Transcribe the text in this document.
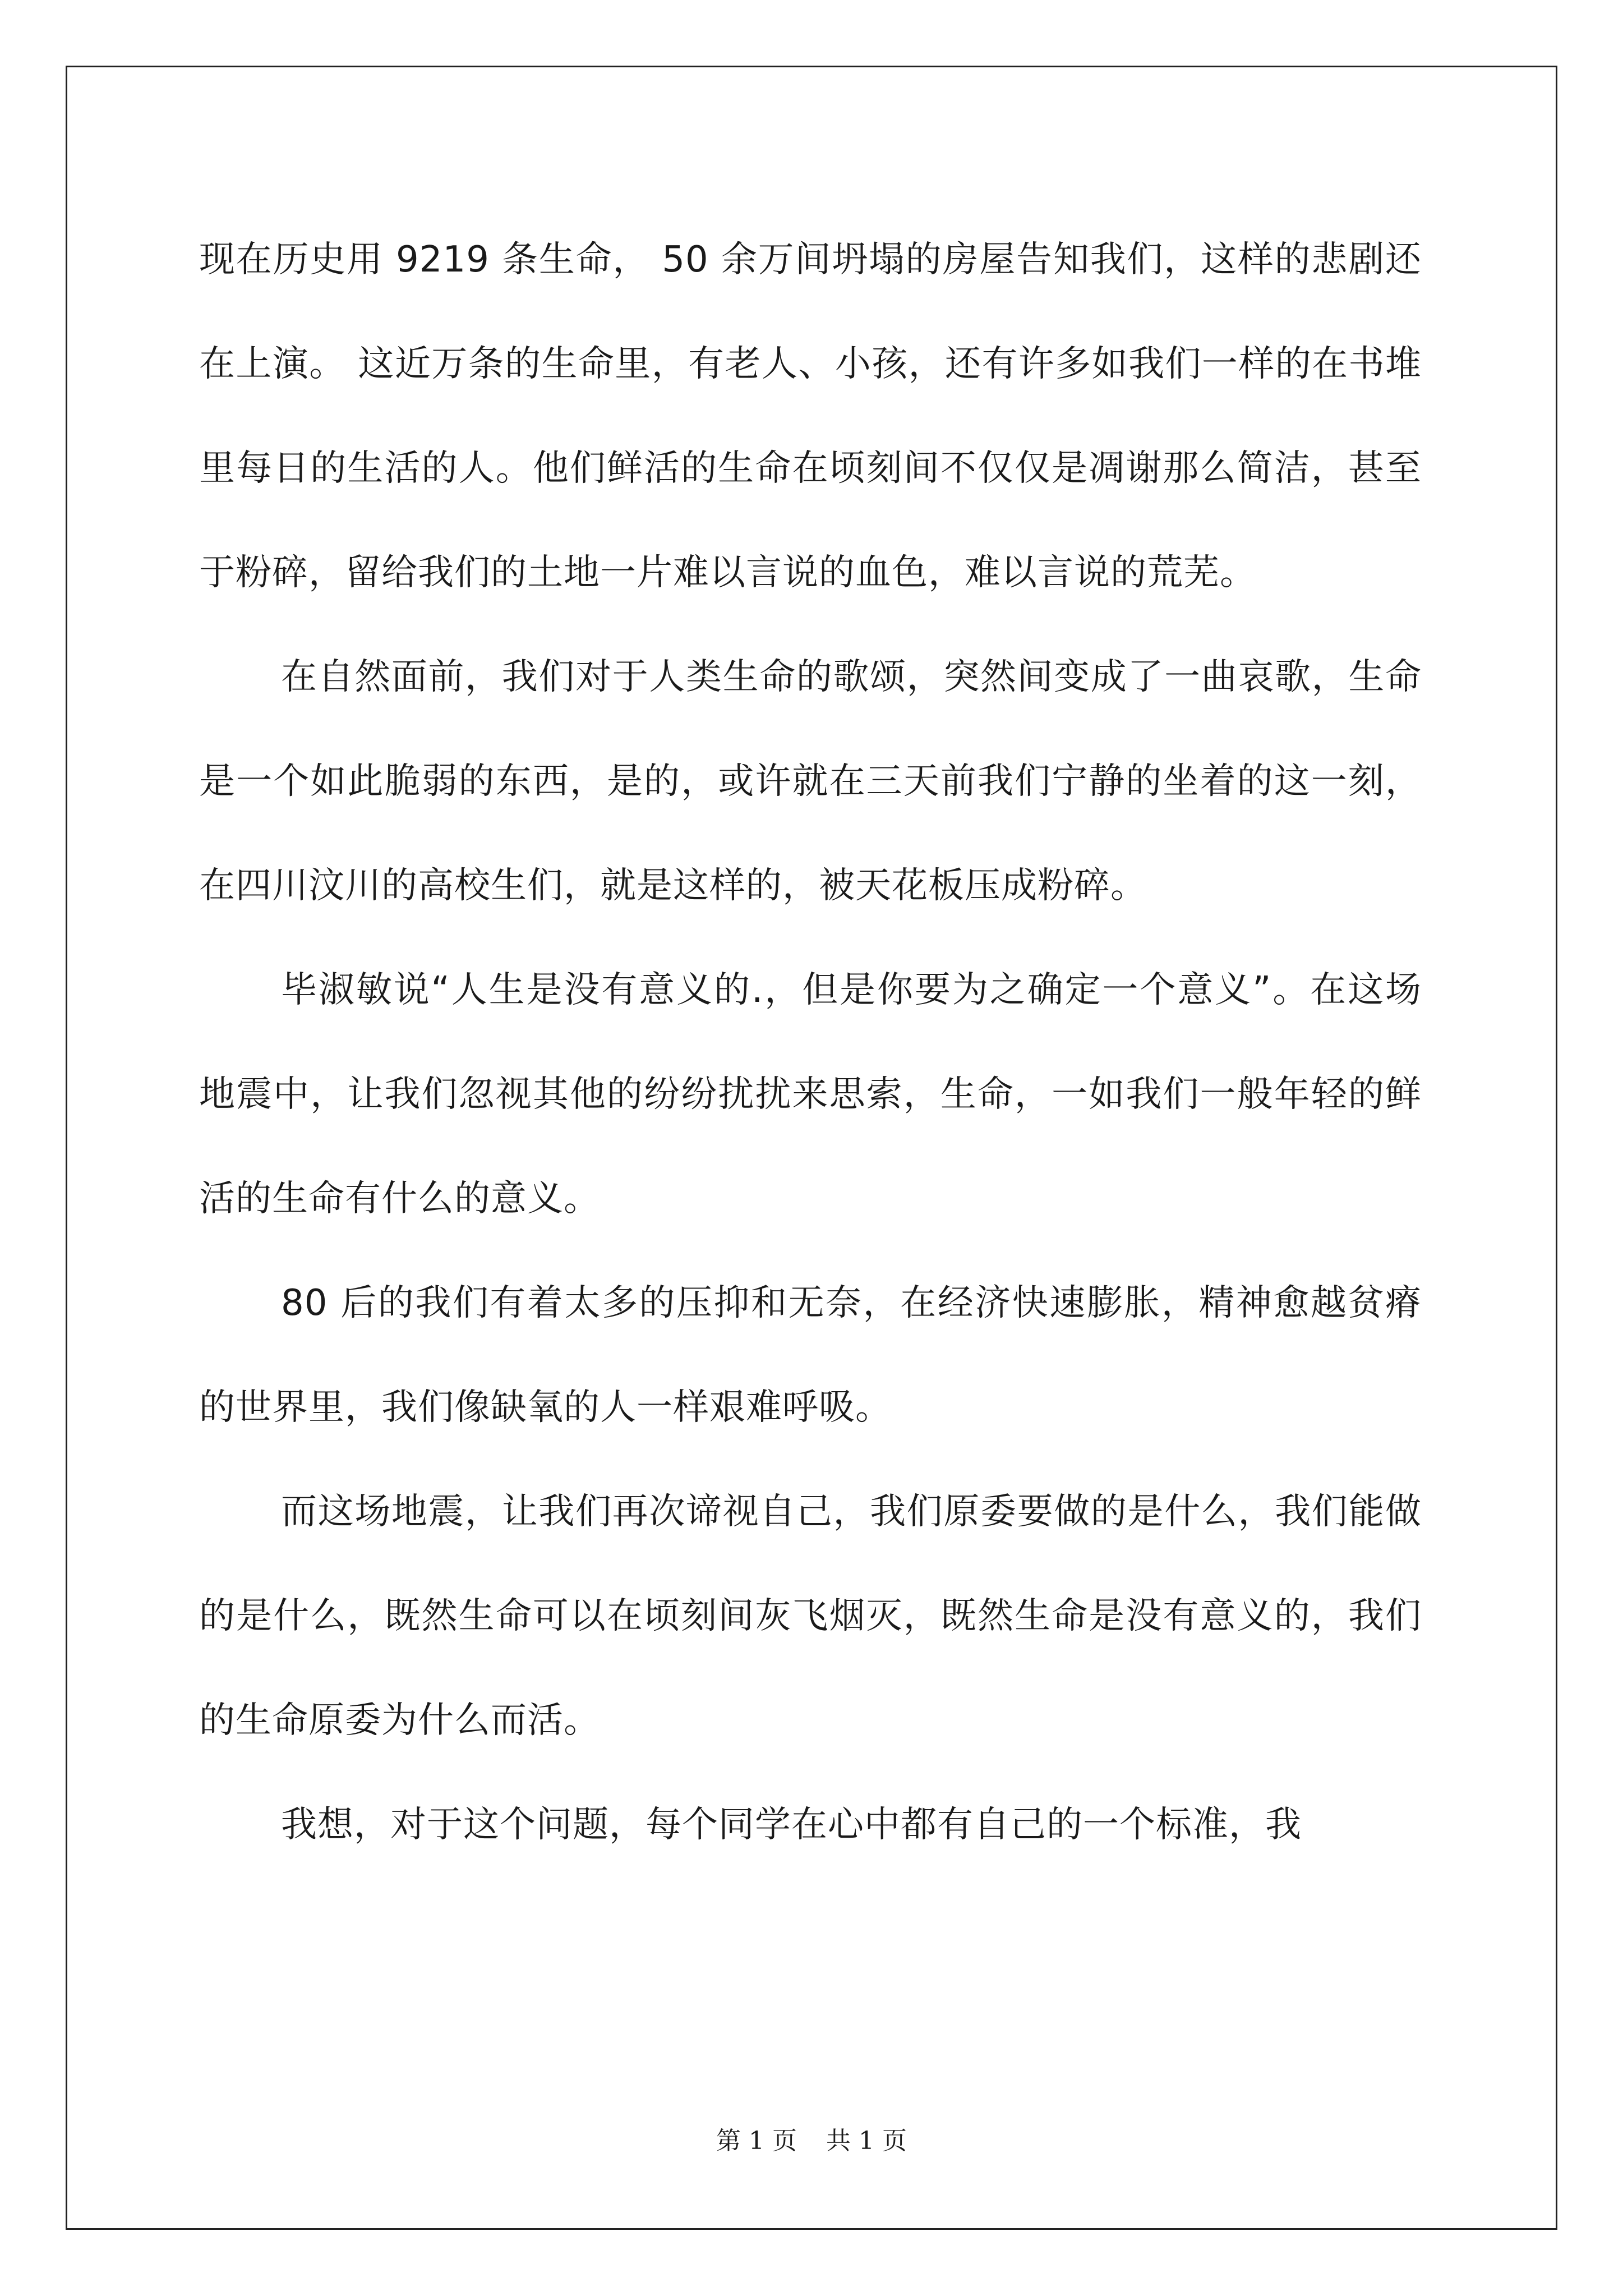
现在历史用 9219 条生命， 50 余万间坍塌的房屋告知我们，这样的悲剧还在上演。 这近万条的生命里，有老人、小孩，还有许多如我们一样的在书堆里每日的生活的人。他们鲜活的生命在顷刻间不仅仅是凋谢那么简洁，甚至于粉碎，留给我们的土地一片难以言说的血色，难以言说的荒芜。

在自然面前，我们对于人类生命的歌颂，突然间变成了一曲哀歌，生命是一个如此脆弱的东西，是的，或许就在三天前我们宁静的坐着的这一刻，在四川汶川的高校生们，就是这样的，被天花板压成粉碎。

毕淑敏说“人生是没有意义的.，但是你要为之确定一个意义”。在这场地震中，让我们忽视其他的纷纷扰扰来思索，生命，一如我们一般年轻的鲜活的生命有什么的意义。

80 后的我们有着太多的压抑和无奈，在经济快速膨胀，精神愈越贫瘠的世界里，我们像缺氧的人一样艰难呼吸。

而这场地震，让我们再次谛视自己，我们原委要做的是什么，我们能做的是什么，既然生命可以在顷刻间灰飞烟灭，既然生命是没有意义的，我们的生命原委为什么而活。

我想，对于这个问题，每个同学在心中都有自己的一个标准，我

第 1 页 共 1 页
